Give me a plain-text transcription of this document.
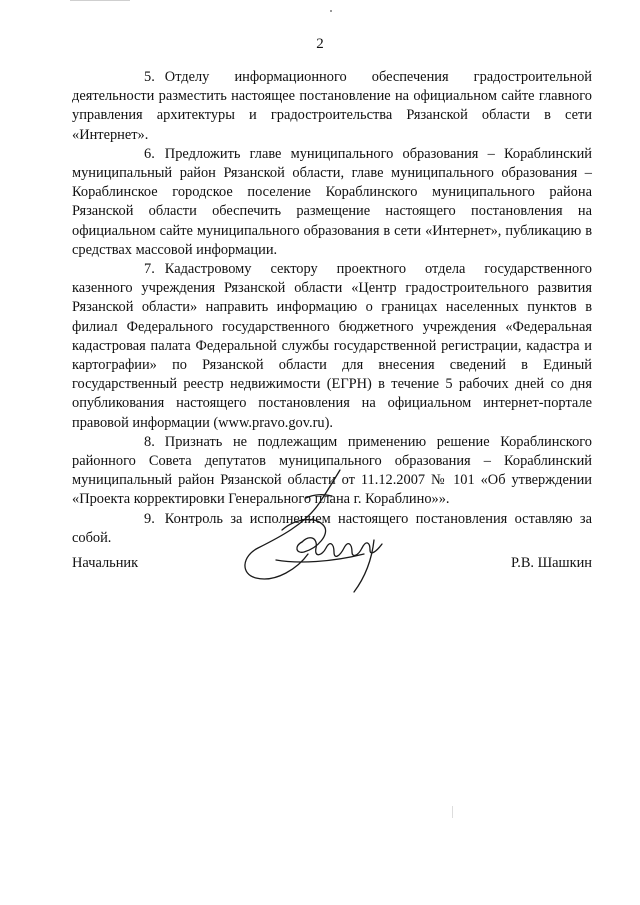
2

5. Отделу информационного обеспечения градостроительной деятельности разместить настоящее постановление на официальном сайте главного управления архитектуры и градостроительства Рязанской области в сети «Интернет».

6. Предложить главе муниципального образования – Кораблинский муниципальный район Рязанской области, главе муниципального образования – Кораблинское городское поселение Кораблинского муниципального района Рязанской области обеспечить размещение настоящего постановления на официальном сайте муниципального образования в сети «Интернет», публикацию в средствах массовой информации.

7. Кадастровому сектору проектного отдела государственного казенного учреждения Рязанской области «Центр градостроительного развития Рязанской области» направить информацию о границах населенных пунктов в филиал Федерального государственного бюджетного учреждения «Федеральная кадастровая палата Федеральной службы государственной регистрации, кадастра и картографии» по Рязанской области для внесения сведений в Единый государственный реестр недвижимости (ЕГРН) в течение 5 рабочих дней со дня опубликования настоящего постановления на официальном интернет-портале правовой информации (www.pravo.gov.ru).

8. Признать не подлежащим применению решение Кораблинского районного Совета депутатов муниципального образования – Кораблинский муниципальный район Рязанской области от 11.12.2007 № 101 «Об утверждении «Проекта корректировки Генерального плана г. Кораблино»».

9. Контроль за исполнением настоящего постановления оставляю за собой.

Начальник	Р.В. Шашкин
